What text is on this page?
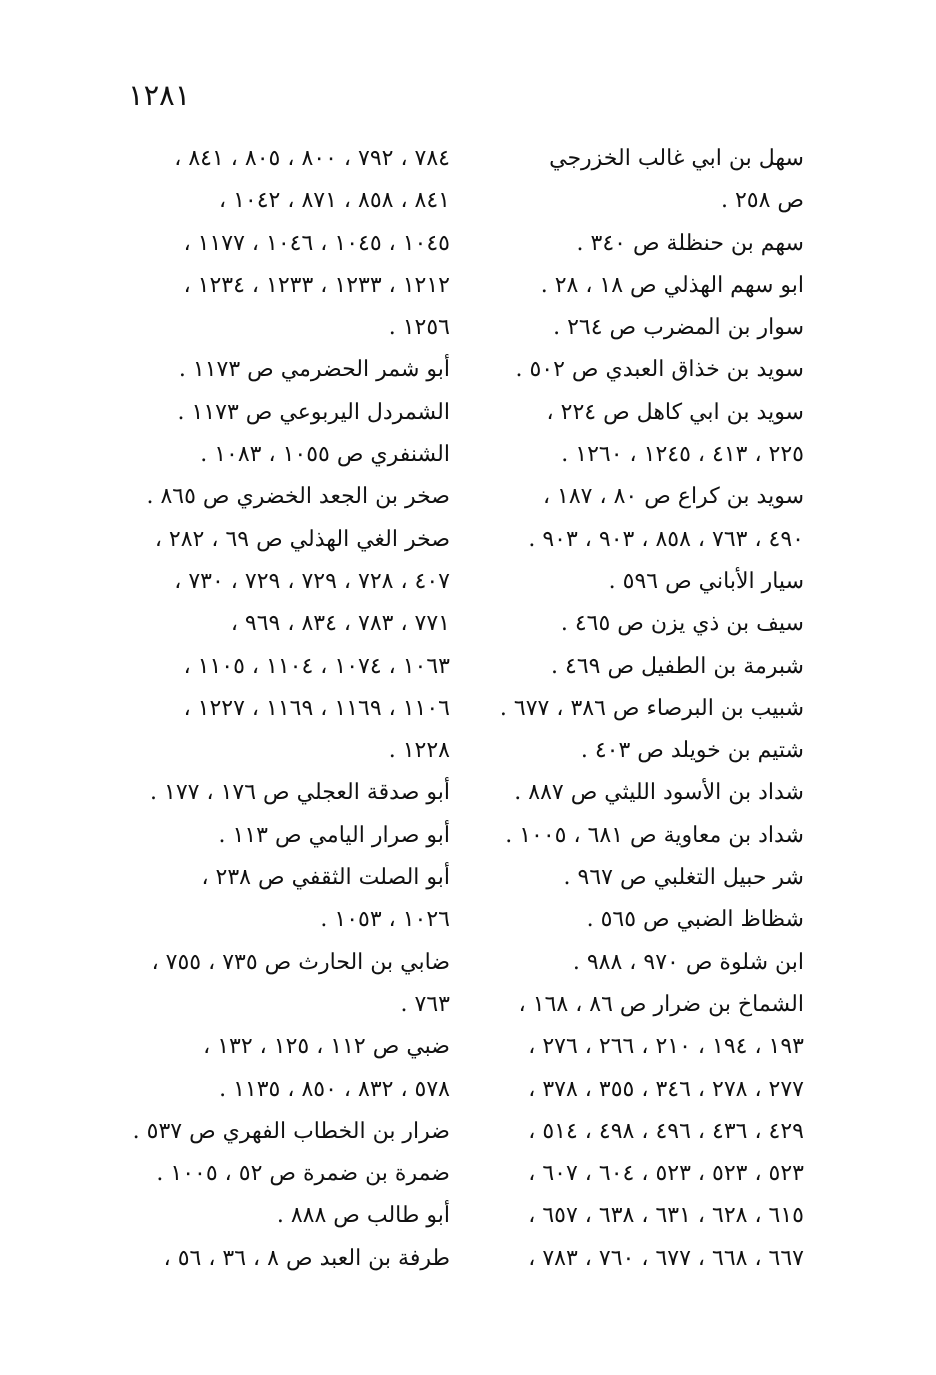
١٢٨١
سهل بن ابي غالب الخزرجي
ص ٢٥٨ .
سهم بن حنظلة ص ٣٤٠ .
ابو سهم الهذلي ص ١٨ ، ٢٨ .
سوار بن المضرب ص ٢٦٤ .
سويد بن خذاق العبدي ص ٥٠٢ .
سويد بن ابي كاهل ص ٢٢٤ ،
٢٢٥ ، ٤١٣ ، ١٢٤٥ ، ١٢٦٠ .
سويد بن كراع ص ٨٠ ، ١٨٧ ،
٤٩٠ ، ٧٦٣ ، ٨٥٨ ، ٩٠٣ ، ٩٠٣ .
سيار الأباني ص ٥٩٦ .
سيف بن ذي يزن ص ٤٦٥ .
شبرمة بن الطفيل ص ٤٦٩ .
شبيب بن البرصاء ص ٣٨٦ ، ٦٧٧ .
شتيم بن خويلد ص ٤٠٣ .
شداد بن الأسود الليثي ص ٨٨٧ .
شداد بن معاوية ص ٦٨١ ، ١٠٠٥ .
شر حبيل التغلبي ص ٩٦٧ .
شظاظ الضبي ص ٥٦٥ .
ابن شلوة ص ٩٧٠ ، ٩٨٨ .
الشماخ بن ضرار ص ٨٦ ، ١٦٨ ،
١٩٣ ، ١٩٤ ، ٢١٠ ، ٢٦٦ ، ٢٧٦ ،
٢٧٧ ، ٢٧٨ ، ٣٤٦ ، ٣٥٥ ، ٣٧٨ ،
٤٢٩ ، ٤٣٦ ، ٤٩٦ ، ٤٩٨ ، ٥١٤ ،
٥٢٣ ، ٥٢٣ ، ٥٢٣ ، ٦٠٤ ، ٦٠٧ ،
٦١٥ ، ٦٢٨ ، ٦٣١ ، ٦٣٨ ، ٦٥٧ ،
٦٦٧ ، ٦٦٨ ، ٦٧٧ ، ٧٦٠ ، ٧٨٣ ،
٧٨٤ ، ٧٩٢ ، ٨٠٠ ، ٨٠٥ ، ٨٤١ ،
٨٤١ ، ٨٥٨ ، ٨٧١ ، ١٠٤٢ ،
١٠٤٥ ، ١٠٤٥ ، ١٠٤٦ ، ١١٧٧ ،
١٢١٢ ، ١٢٣٣ ، ١٢٣٣ ، ١٢٣٤ ،
١٢٥٦ .
أبو شمر الحضرمي ص ١١٧٣ .
الشمردل اليربوعي ص ١١٧٣ .
الشنفري ص ١٠٥٥ ، ١٠٨٣ .
صخر بن الجعد الخضري ص ٨٦٥ .
صخر الغي الهذلي ص ٦٩ ، ٢٨٢ ،
٤٠٧ ، ٧٢٨ ، ٧٢٩ ، ٧٢٩ ، ٧٣٠ ،
٧٧١ ، ٧٨٣ ، ٨٣٤ ، ٩٦٩ ،
١٠٦٣ ، ١٠٧٤ ، ١١٠٤ ، ١١٠٥ ،
١١٠٦ ، ١١٦٩ ، ١١٦٩ ، ١٢٢٧ ،
١٢٢٨ .
أبو صدقة العجلي ص ١٧٦ ، ١٧٧ .
أبو صرار اليامي ص ١١٣ .
أبو الصلت الثقفي ص ٢٣٨ ،
١٠٢٦ ، ١٠٥٣ .
ضابي بن الحارث ص ٧٣٥ ، ٧٥٥ ،
٧٦٣ .
ضبي ص ١١٢ ، ١٢٥ ، ١٣٢ ،
٥٧٨ ، ٨٣٢ ، ٨٥٠ ، ١١٣٥ .
ضرار بن الخطاب الفهري ص ٥٣٧ .
ضمرة بن ضمرة ص ٥٢ ، ١٠٠٥ .
أبو طالب ص ٨٨٨ .
طرفة بن العبد ص ٨ ، ٣٦ ، ٥٦ ،
